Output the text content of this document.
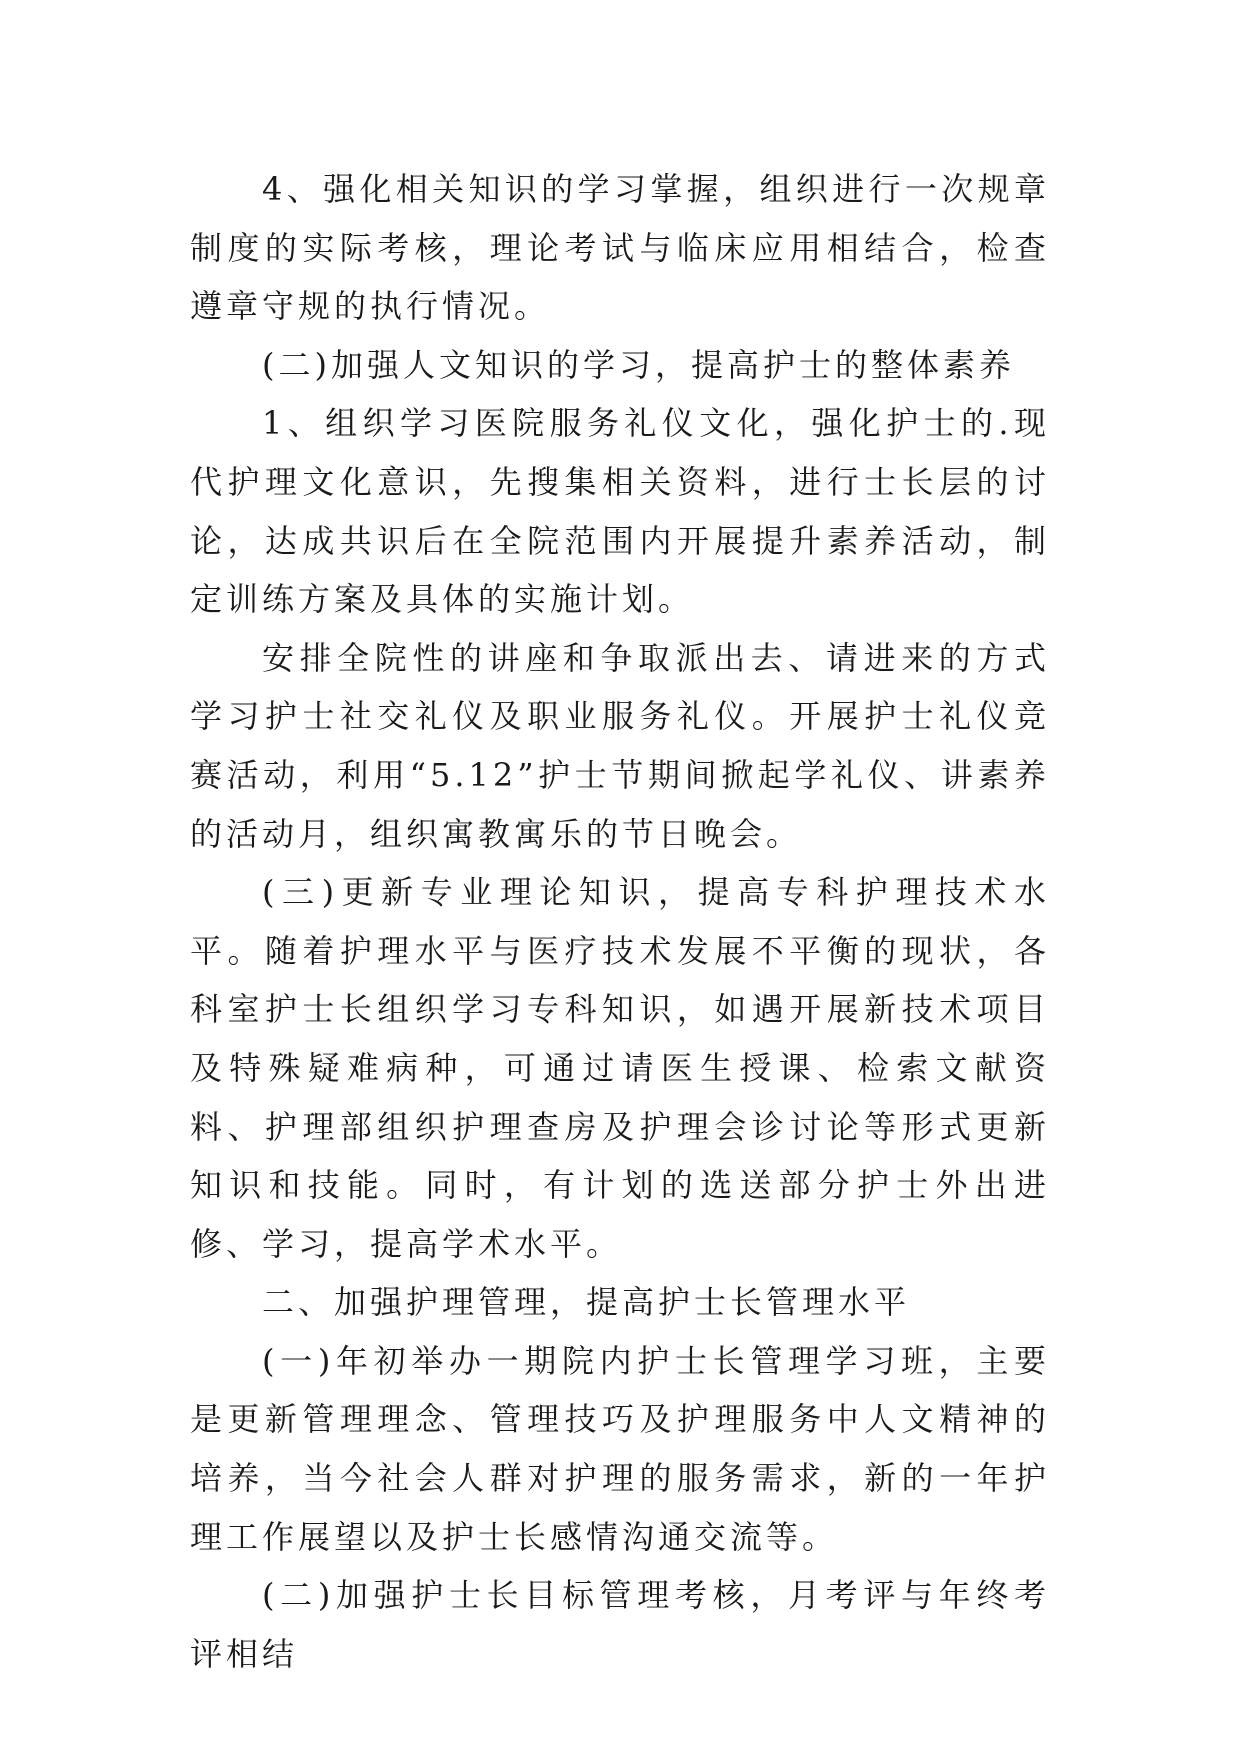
4、强化相关知识的学习掌握，组织进行一次规章制度的实际考核，理论考试与临床应用相结合，检查遵章守规的执行情况。

(二)加强人文知识的学习，提高护士的整体素养

1、组织学习医院服务礼仪文化，强化护士的.现代护理文化意识，先搜集相关资料，进行士长层的讨论，达成共识后在全院范围内开展提升素养活动，制定训练方案及具体的实施计划。

安排全院性的讲座和争取派出去、请进来的方式学习护士社交礼仪及职业服务礼仪。开展护士礼仪竞赛活动，利用“5.12”护士节期间掀起学礼仪、讲素养的活动月，组织寓教寓乐的节日晚会。

(三)更新专业理论知识，提高专科护理技术水平。随着护理水平与医疗技术发展不平衡的现状，各科室护士长组织学习专科知识，如遇开展新技术项目及特殊疑难病种，可通过请医生授课、检索文献资料、护理部组织护理查房及护理会诊讨论等形式更新知识和技能。同时，有计划的选送部分护士外出进修、学习，提高学术水平。

二、加强护理管理，提高护士长管理水平

(一)年初举办一期院内护士长管理学习班，主要是更新管理理念、管理技巧及护理服务中人文精神的培养，当今社会人群对护理的服务需求，新的一年护理工作展望以及护士长感情沟通交流等。

(二)加强护士长目标管理考核，月考评与年终考评相结
